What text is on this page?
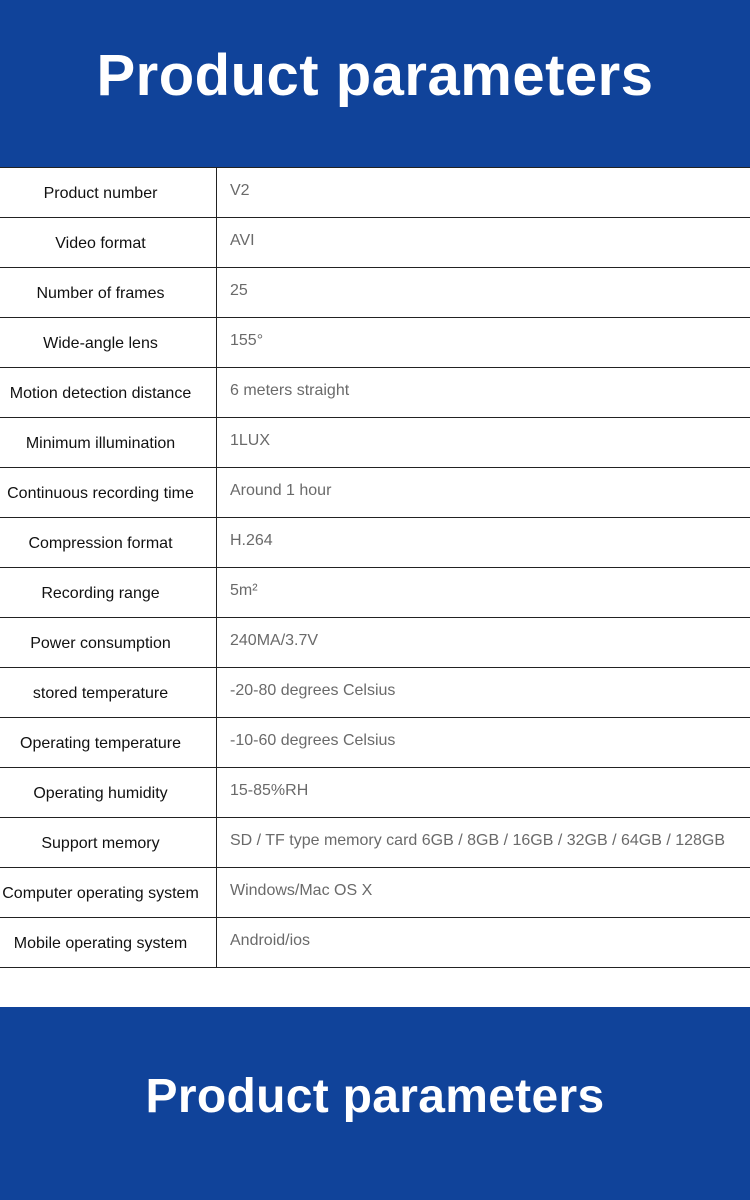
Product parameters
Product number	V2
Video format	AVI
Number of frames	25
Wide-angle lens	155°
Motion detection distance	6 meters straight
Minimum illumination	1LUX
Continuous recording time	Around 1 hour
Compression format	H.264
Recording range	5m²
Power consumption	240MA/3.7V
stored temperature	-20-80 degrees Celsius
Operating temperature	-10-60 degrees Celsius
Operating humidity	15-85%RH
Support memory	SD / TF type memory card 6GB / 8GB / 16GB / 32GB / 64GB / 128GB
Computer operating system	Windows/Mac OS X
Mobile operating system	Android/ios
Product parameters
